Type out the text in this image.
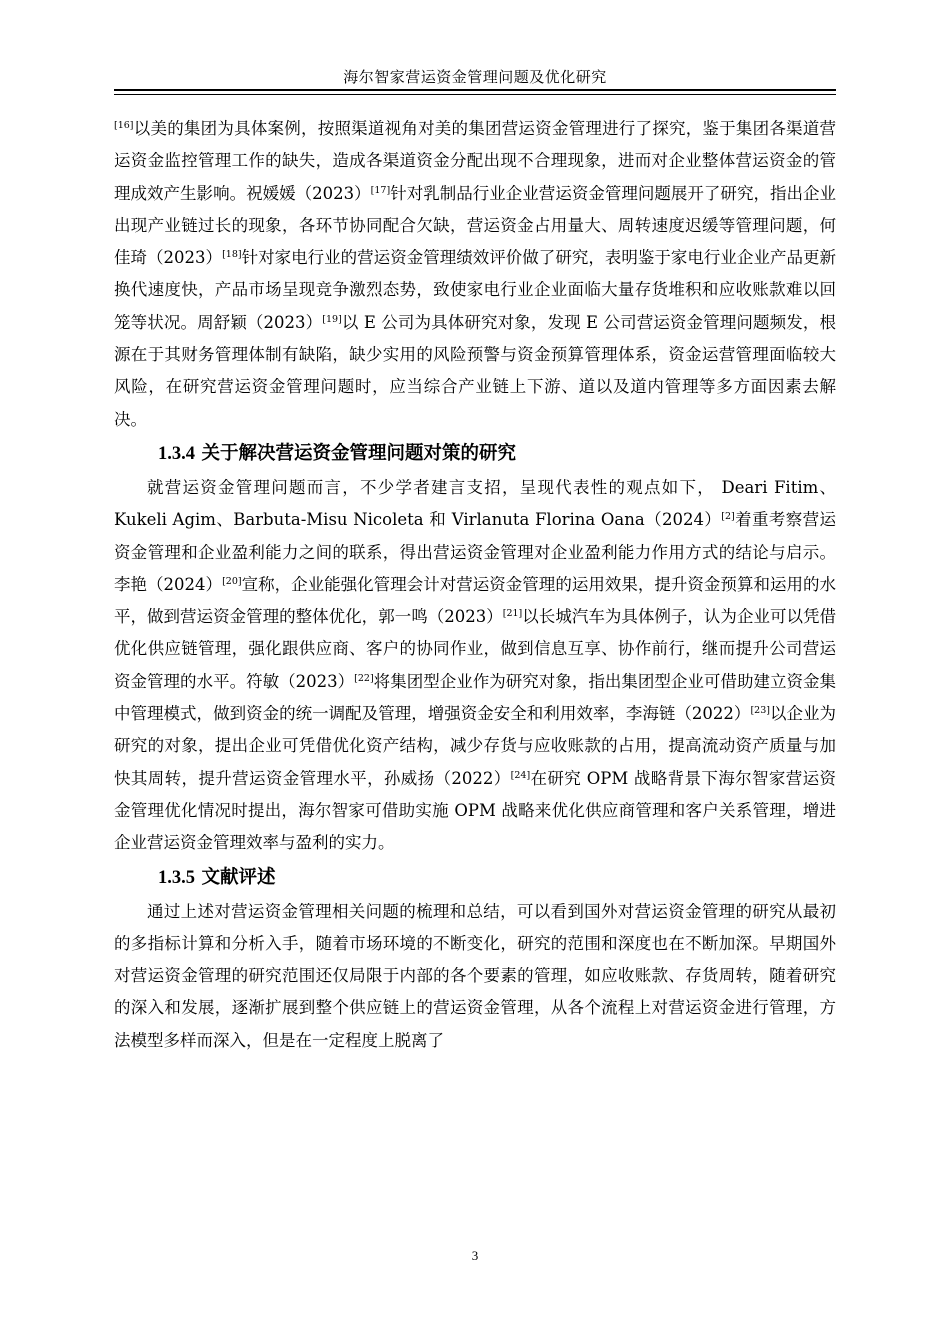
海尔智家营运资金管理问题及优化研究

[16]以美的集团为具体案例，按照渠道视角对美的集团营运资金管理进行了探究，鉴于集团各渠道营运资金监控管理工作的缺失，造成各渠道资金分配出现不合理现象，进而对企业整体营运资金的管理成效产生影响。祝媛媛（2023）[17]针对乳制品行业企业营运资金管理问题展开了研究，指出企业出现产业链过长的现象，各环节协同配合欠缺，营运资金占用量大、周转速度迟缓等管理问题，何佳琦（2023）[18]针对家电行业的营运资金管理绩效评价做了研究，表明鉴于家电行业企业产品更新换代速度快，产品市场呈现竞争激烈态势，致使家电行业企业面临大量存货堆积和应收账款难以回笼等状况。周舒颖（2023）[19]以 E 公司为具体研究对象，发现 E 公司营运资金管理问题频发，根源在于其财务管理体制有缺陷，缺少实用的风险预警与资金预算管理体系，资金运营管理面临较大风险，在研究营运资金管理问题时，应当综合产业链上下游、道以及道内管理等多方面因素去解决。

1.3.4 关于解决营运资金管理问题对策的研究

就营运资金管理问题而言，不少学者建言支招，呈现代表性的观点如下， Deari Fitim、Kukeli Agim、Barbuta-Misu Nicoleta 和 Virlanuta Florina Oana（2024）[2]着重考察营运资金管理和企业盈利能力之间的联系，得出营运资金管理对企业盈利能力作用方式的结论与启示。李艳（2024）[20]宣称，企业能强化管理会计对营运资金管理的运用效果，提升资金预算和运用的水平，做到营运资金管理的整体优化，郭一鸣（2023）[21]以长城汽车为具体例子，认为企业可以凭借优化供应链管理，强化跟供应商、客户的协同作业，做到信息互享、协作前行，继而提升公司营运资金管理的水平。符敏（2023）[22]将集团型企业作为研究对象，指出集团型企业可借助建立资金集中管理模式，做到资金的统一调配及管理，增强资金安全和利用效率，李海链（2022）[23]以企业为研究的对象，提出企业可凭借优化资产结构，减少存货与应收账款的占用，提高流动资产质量与加快其周转，提升营运资金管理水平，孙威扬（2022）[24]在研究 OPM 战略背景下海尔智家营运资金管理优化情况时提出，海尔智家可借助实施 OPM 战略来优化供应商管理和客户关系管理，增进企业营运资金管理效率与盈利的实力。

1.3.5 文献评述

通过上述对营运资金管理相关问题的梳理和总结，可以看到国外对营运资金管理的研究从最初的多指标计算和分析入手，随着市场环境的不断变化，研究的范围和深度也在不断加深。早期国外对营运资金管理的研究范围还仅局限于内部的各个要素的管理，如应收账款、存货周转，随着研究的深入和发展，逐渐扩展到整个供应链上的营运资金管理，从各个流程上对营运资金进行管理，方法模型多样而深入，但是在一定程度上脱离了

3
